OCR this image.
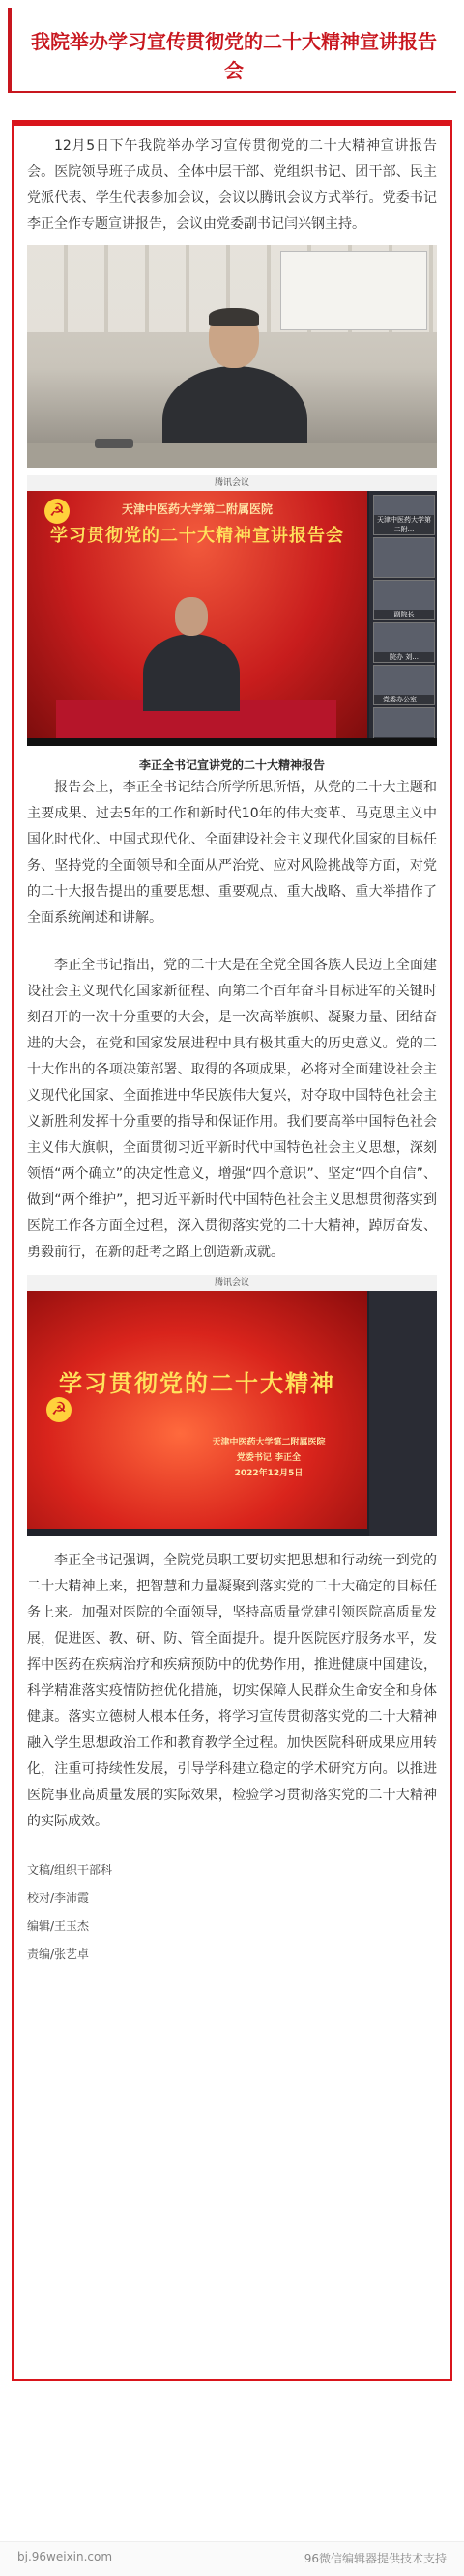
我院举办学习宣传贯彻党的二十大精神宣讲报告会

12月5日下午我院举办学习宣传贯彻党的二十大精神宣讲报告会。医院领导班子成员、全体中层干部、党组织书记、团干部、民主党派代表、学生代表参加会议，会议以腾讯会议方式举行。党委书记李正全作专题宣讲报告，会议由党委副书记闫兴钢主持。

腾讯会议
☭	天津中医药大学第二附属医院
学习贯彻党的二十大精神宣讲报告会
天津中医药大学第二附...
副院长
院办 刘...
党委办公室 ...
李正全书记宣讲党的二十大精神报告

报告会上，李正全书记结合所学所思所悟，从党的二十大主题和主要成果、过去5年的工作和新时代10年的伟大变革、马克思主义中国化时代化、中国式现代化、全面建设社会主义现代化国家的目标任务、坚持党的全面领导和全面从严治党、应对风险挑战等方面，对党的二十大报告提出的重要思想、重要观点、重大战略、重大举措作了全面系统阐述和讲解。

李正全书记指出，党的二十大是在全党全国各族人民迈上全面建设社会主义现代化国家新征程、向第二个百年奋斗目标进军的关键时刻召开的一次十分重要的大会，是一次高举旗帜、凝聚力量、团结奋进的大会，在党和国家发展进程中具有极其重大的历史意义。党的二十大作出的各项决策部署、取得的各项成果，必将对全面建设社会主义现代化国家、全面推进中华民族伟大复兴，对夺取中国特色社会主义新胜利发挥十分重要的指导和保证作用。我们要高举中国特色社会主义伟大旗帜，全面贯彻习近平新时代中国特色社会主义思想，深刻领悟“两个确立”的决定性意义，增强“四个意识”、坚定“四个自信”、做到“两个维护”，把习近平新时代中国特色社会主义思想贯彻落实到医院工作各方面全过程，深入贯彻落实党的二十大精神，踔厉奋发、勇毅前行，在新的赶考之路上创造新成就。

腾讯会议
☭
学习贯彻党的二十大精神
天津中医药大学第二附属医院
党委书记 李正全
2022年12月5日

李正全书记强调，全院党员职工要切实把思想和行动统一到党的二十大精神上来，把智慧和力量凝聚到落实党的二十大确定的目标任务上来。加强对医院的全面领导，坚持高质量党建引领医院高质量发展，促进医、教、研、防、管全面提升。提升医院医疗服务水平，发挥中医药在疾病治疗和疾病预防中的优势作用，推进健康中国建设，科学精准落实疫情防控优化措施，切实保障人民群众生命安全和身体健康。落实立德树人根本任务，将学习宣传贯彻落实党的二十大精神融入学生思想政治工作和教育教学全过程。加快医院科研成果应用转化，注重可持续性发展，引导学科建立稳定的学术研究方向。以推进医院事业高质量发展的实际效果，检验学习贯彻落实党的二十大精神的实际成效。

文稿/组织干部科
校对/李沛霞
编辑/王玉杰
责编/张艺卓
bj.96weixin.com	96微信编辑器提供技术支持
